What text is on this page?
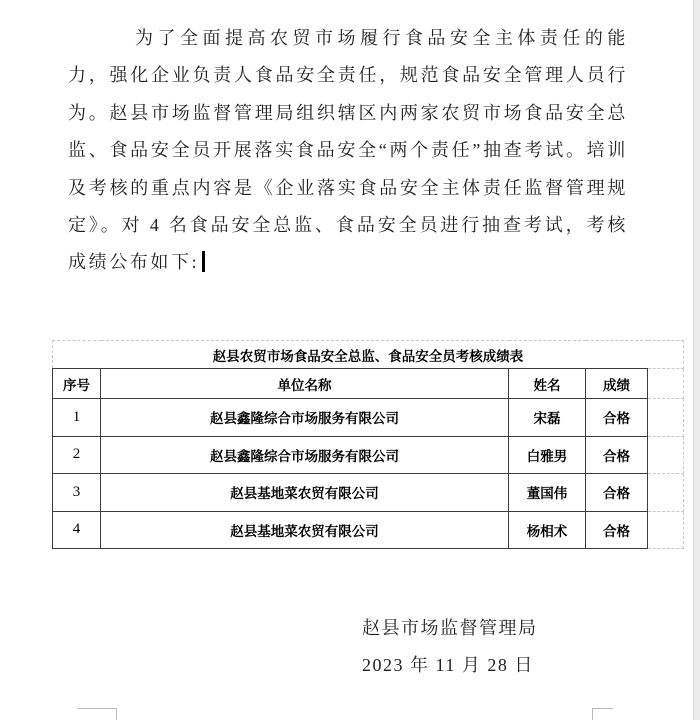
为了全面提高农贸市场履行食品安全主体责任的能力，强化企业负责人食品安全责任，规范食品安全管理人员行为。赵县市场监督管理局组织辖区内两家农贸市场食品安全总监、食品安全员开展落实食品安全“两个责任”抽查考试。培训及考核的重点内容是《企业落实食品安全主体责任监督管理规定》。对 4 名食品安全总监、食品安全员进行抽查考试，考核成绩公布如下:

赵县农贸市场食品安全总监、食品安全员考核成绩表				
序号	单位名称	姓名	成绩	
1	赵县鑫隆综合市场服务有限公司	宋磊	合格	
2	赵县鑫隆综合市场服务有限公司	白雅男	合格	
3	赵县基地菜农贸有限公司	董国伟	合格	
4	赵县基地菜农贸有限公司	杨相术	合格	
赵县市场监督管理局
2023 年 11 月 28 日
